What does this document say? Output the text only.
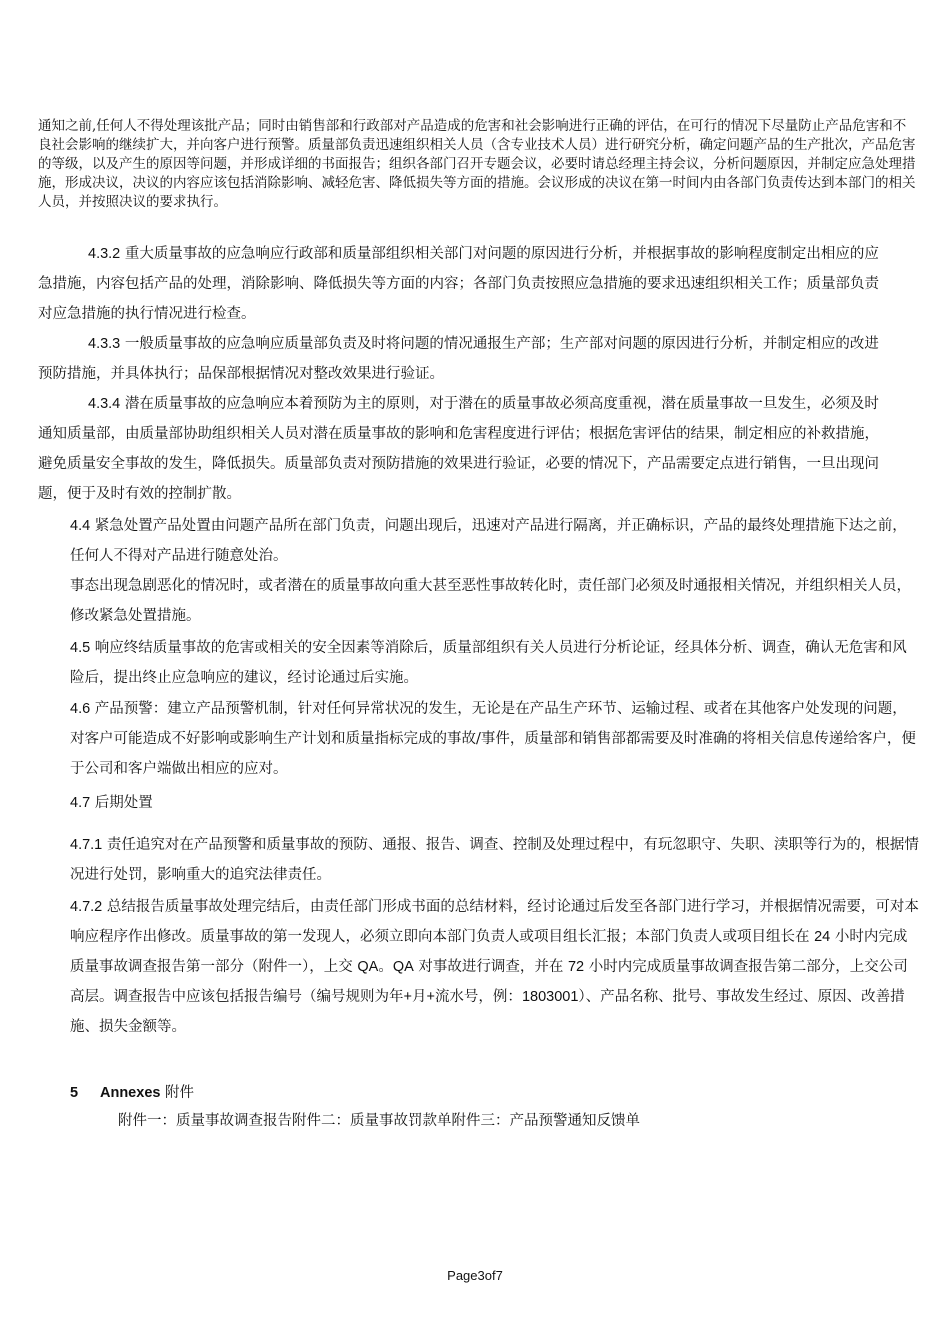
通知之前,任何人不得处理该批产品；同时由销售部和行政部对产品造成的危害和社会影响进行正确的评估，在可行的情况下尽量防止产品危害和不良社会影响的继续扩大，并向客户进行预警。质量部负责迅速组织相关人员（含专业技术人员）进行研究分析，确定问题产品的生产批次，产品危害的等级，以及产生的原因等问题，并形成详细的书面报告；组织各部门召开专题会议，必要时请总经理主持会议，分析问题原因，并制定应急处理措施，形成决议，决议的内容应该包括消除影响、减轻危害、降低损失等方面的措施。会议形成的决议在第一时间内由各部门负责传达到本部门的相关人员，并按照决议的要求执行。
4.3.2 重大质量事故的应急响应行政部和质量部组织相关部门对问题的原因进行分析，并根据事故的影响程度制定出相应的应急措施，内容包括产品的处理，消除影响、降低损失等方面的内容；各部门负责按照应急措施的要求迅速组织相关工作；质量部负责对应急措施的执行情况进行检查。
4.3.3 一般质量事故的应急响应质量部负责及时将问题的情况通报生产部；生产部对问题的原因进行分析，并制定相应的改进预防措施，并具体执行；品保部根据情况对整改效果进行验证。
4.3.4 潜在质量事故的应急响应本着预防为主的原则，对于潜在的质量事故必须高度重视，潜在质量事故一旦发生，必须及时通知质量部，由质量部协助组织相关人员对潜在质量事故的影响和危害程度进行评估；根据危害评估的结果，制定相应的补救措施，避免质量安全事故的发生，降低损失。质量部负责对预防措施的效果进行验证，必要的情况下，产品需要定点进行销售，一旦出现问题，便于及时有效的控制扩散。
4.4 紧急处置产品处置由问题产品所在部门负责，问题出现后，迅速对产品进行隔离，并正确标识，产品的最终处理措施下达之前，任何人不得对产品进行随意处治。
事态出现急剧恶化的情况时，或者潜在的质量事故向重大甚至恶性事故转化时，责任部门必须及时通报相关情况，并组织相关人员，修改紧急处置措施。
4.5 响应终结质量事故的危害或相关的安全因素等消除后，质量部组织有关人员进行分析论证，经具体分析、调查，确认无危害和风险后，提出终止应急响应的建议，经讨论通过后实施。
4.6 产品预警：建立产品预警机制，针对任何异常状况的发生，无论是在产品生产环节、运输过程、或者在其他客户处发现的问题，对客户可能造成不好影响或影响生产计划和质量指标完成的事故/事件，质量部和销售部都需要及时准确的将相关信息传递给客户，便于公司和客户端做出相应的应对。
4.7 后期处置
4.7.1 责任追究对在产品预警和质量事故的预防、通报、报告、调查、控制及处理过程中，有玩忽职守、失职、渎职等行为的，根据情况进行处罚，影响重大的追究法律责任。
4.7.2 总结报告质量事故处理完结后，由责任部门形成书面的总结材料，经讨论通过后发至各部门进行学习，并根据情况需要，可对本响应程序作出修改。质量事故的第一发现人，必须立即向本部门负责人或项目组长汇报；本部门负责人或项目组长在 24 小时内完成质量事故调查报告第一部分（附件一），上交 QA。QA 对事故进行调查，并在 72 小时内完成质量事故调查报告第二部分，上交公司高层。调查报告中应该包括报告编号（编号规则为年+月+流水号，例：1803001）、产品名称、批号、事故发生经过、原因、改善措施、损失金额等。
5 Annexes 附件
附件一：质量事故调查报告附件二：质量事故罚款单附件三：产品预警通知反馈单
Page3of7
